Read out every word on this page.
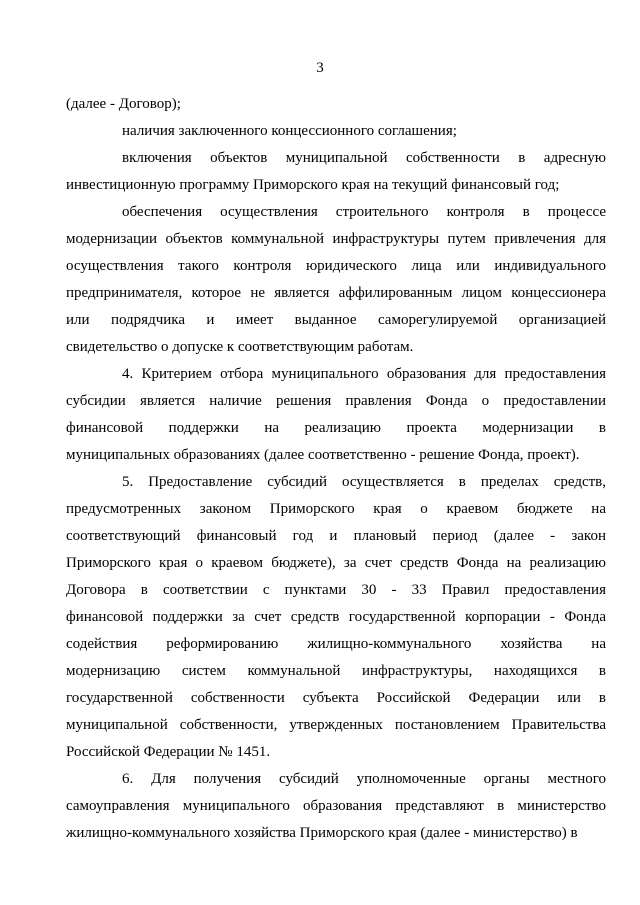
3
(далее - Договор);
наличия заключенного концессионного соглашения;
включения объектов муниципальной собственности в адресную
инвестиционную программу Приморского края на текущий финансовый год;
обеспечения осуществления строительного контроля в процессе
модернизации объектов коммунальной инфраструктуры путем привлечения для
осуществления такого контроля юридического лица или индивидуального
предпринимателя, которое не является аффилированным лицом концессионера
или подрядчика и имеет выданное саморегулируемой организацией
свидетельство о допуске к соответствующим работам.
4. Критерием отбора муниципального образования для предоставления
субсидии является наличие решения правления Фонда о предоставлении
финансовой поддержки на реализацию проекта модернизации в
муниципальных образованиях (далее соответственно - решение Фонда, проект).
5. Предоставление субсидий осуществляется в пределах средств,
предусмотренных законом Приморского края о краевом бюджете на
соответствующий финансовый год и плановый период (далее - закон
Приморского края о краевом бюджете), за счет средств Фонда на реализацию
Договора в соответствии с пунктами 30 - 33 Правил предоставления
финансовой поддержки за счет средств государственной корпорации - Фонда
содействия реформированию жилищно-коммунального хозяйства на
модернизацию систем коммунальной инфраструктуры, находящихся в
государственной собственности субъекта Российской Федерации или в
муниципальной собственности, утвержденных постановлением Правительства
Российской Федерации № 1451.
6. Для получения субсидий уполномоченные органы местного
самоуправления муниципального образования представляют в министерство
жилищно-коммунального хозяйства Приморского края (далее - министерство) в
